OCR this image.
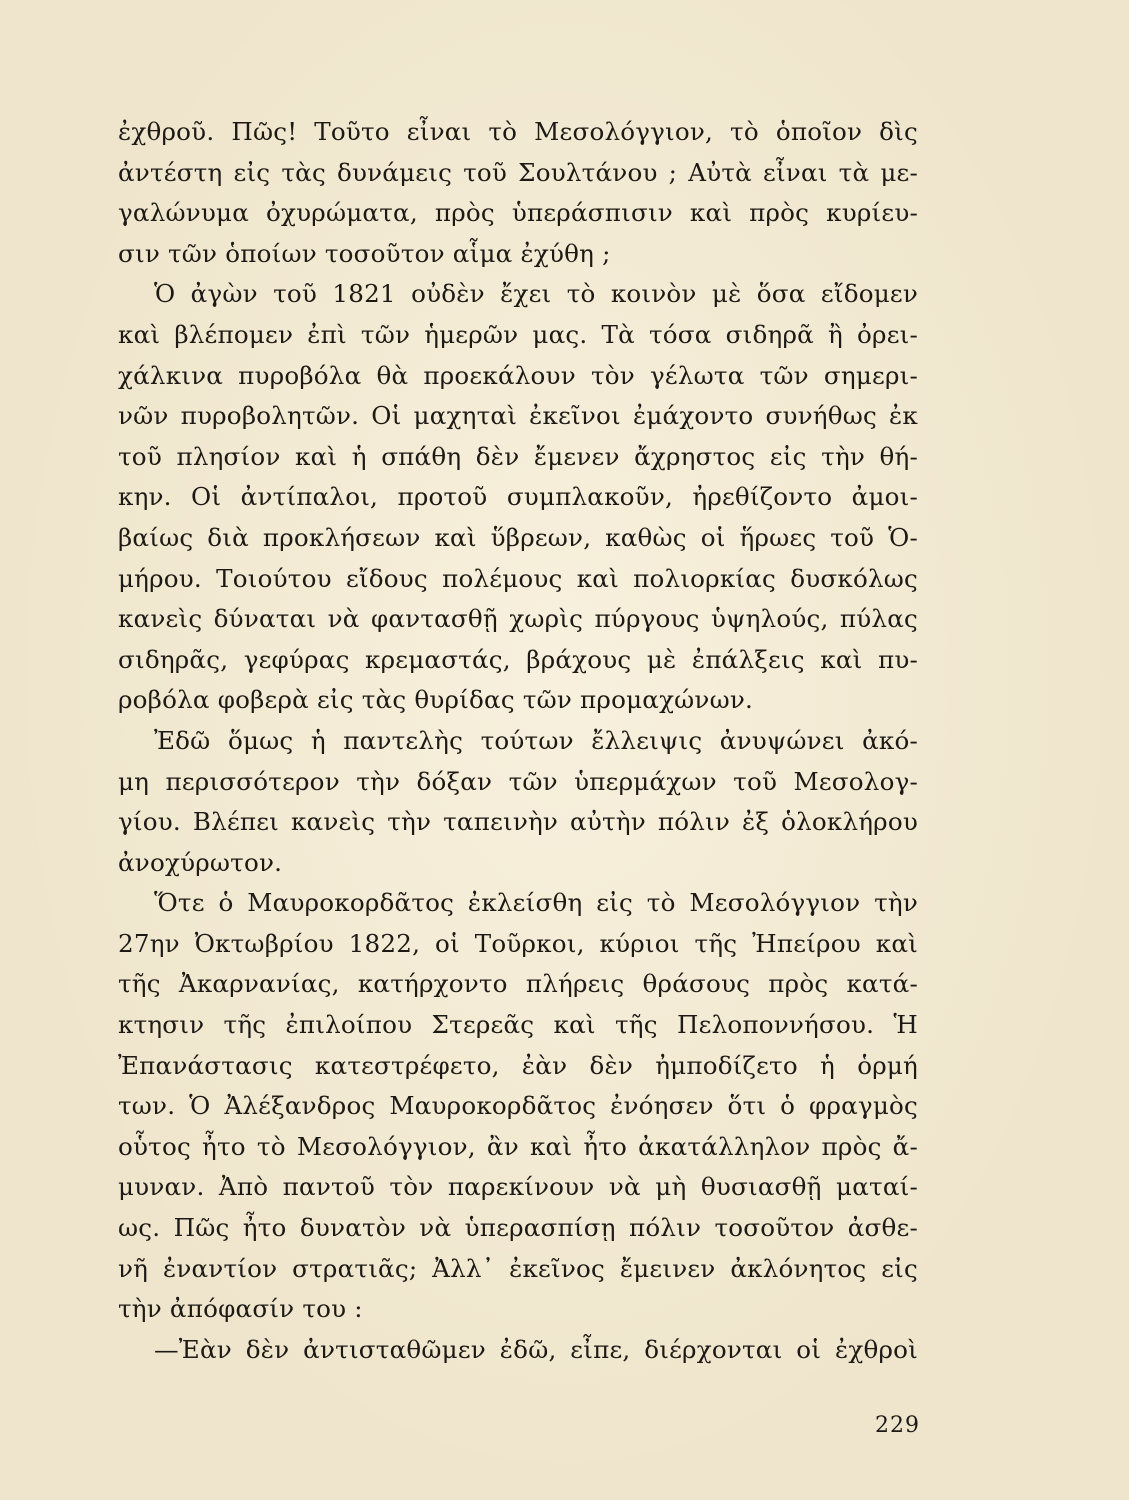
ἐχθροῦ. Πῶς! Τοῦτο εἶναι τὸ Μεσολόγγιον, τὸ ὁποῖον δὶς
ἀντέστη εἰς τὰς δυνάμεις τοῦ Σουλτάνου ; Αὐτὰ εἶναι τὰ με-
γαλώνυμα ὀχυρώματα, πρὸς ὑπεράσπισιν καὶ πρὸς κυρίευ-
σιν τῶν ὁποίων τοσοῦτον αἷμα ἐχύθη ;
Ὁ ἀγὼν τοῦ 1821 οὐδὲν ἔχει τὸ κοινὸν μὲ ὅσα εἴδομεν
καὶ βλέπομεν ἐπὶ τῶν ἡμερῶν μας. Τὰ τόσα σιδηρᾶ ἢ ὀρει-
χάλκινα πυροβόλα θὰ προεκάλουν τὸν γέλωτα τῶν σημερι-
νῶν πυροβολητῶν. Οἱ μαχηταὶ ἐκεῖνοι ἐμάχοντο συνήθως ἐκ
τοῦ πλησίον καὶ ἡ σπάθη δὲν ἔμενεν ἄχρηστος εἰς τὴν θή-
κην. Οἱ ἀντίπαλοι, προτοῦ συμπλακοῦν, ἠρεθίζοντο ἀμοι-
βαίως διὰ προκλήσεων καὶ ὕβρεων, καθὼς οἱ ἥρωες τοῦ Ὁ-
μήρου. Τοιούτου εἴδους πολέμους καὶ πολιορκίας δυσκόλως
κανεὶς δύναται νὰ φαντασθῇ χωρὶς πύργους ὑψηλούς, πύλας
σιδηρᾶς, γεφύρας κρεμαστάς, βράχους μὲ ἐπάλξεις καὶ πυ-
ροβόλα φοβερὰ εἰς τὰς θυρίδας τῶν προμαχώνων.
Ἐδῶ ὅμως ἡ παντελὴς τούτων ἔλλειψις ἀνυψώνει ἀκό-
μη περισσότερον τὴν δόξαν τῶν ὑπερμάχων τοῦ Μεσολογ-
γίου. Βλέπει κανεὶς τὴν ταπεινὴν αὐτὴν πόλιν ἐξ ὁλοκλήρου
ἀνοχύρωτον.
Ὅτε ὁ Μαυροκορδᾶτος ἐκλείσθη εἰς τὸ Μεσολόγγιον τὴν
27ην Ὀκτωβρίου 1822, οἱ Τοῦρκοι, κύριοι τῆς Ἠπείρου καὶ
τῆς Ἀκαρνανίας, κατήρχοντο πλήρεις θράσους πρὸς κατά-
κτησιν τῆς ἐπιλοίπου Στερεᾶς καὶ τῆς Πελοποννήσου. Ἡ
Ἐπανάστασις κατεστρέφετο, ἐὰν δὲν ἠμποδίζετο ἡ ὁρμή
των. Ὁ Ἀλέξανδρος Μαυροκορδᾶτος ἐνόησεν ὅτι ὁ φραγμὸς
οὗτος ἦτο τὸ Μεσολόγγιον, ἂν καὶ ἦτο ἀκατάλληλον πρὸς ἄ-
μυναν. Ἀπὸ παντοῦ τὸν παρεκίνουν νὰ μὴ θυσιασθῇ ματαί-
ως. Πῶς ἦτο δυνατὸν νὰ ὑπερασπίσῃ πόλιν τοσοῦτον ἀσθε-
νῆ ἐναντίον στρατιᾶς; Ἀλλ᾽ ἐκεῖνος ἔμεινεν ἀκλόνητος εἰς
τὴν ἀπόφασίν του :
—Ἐὰν δὲν ἀντισταθῶμεν ἐδῶ, εἶπε, διέρχονται οἱ ἐχθροὶ
229
